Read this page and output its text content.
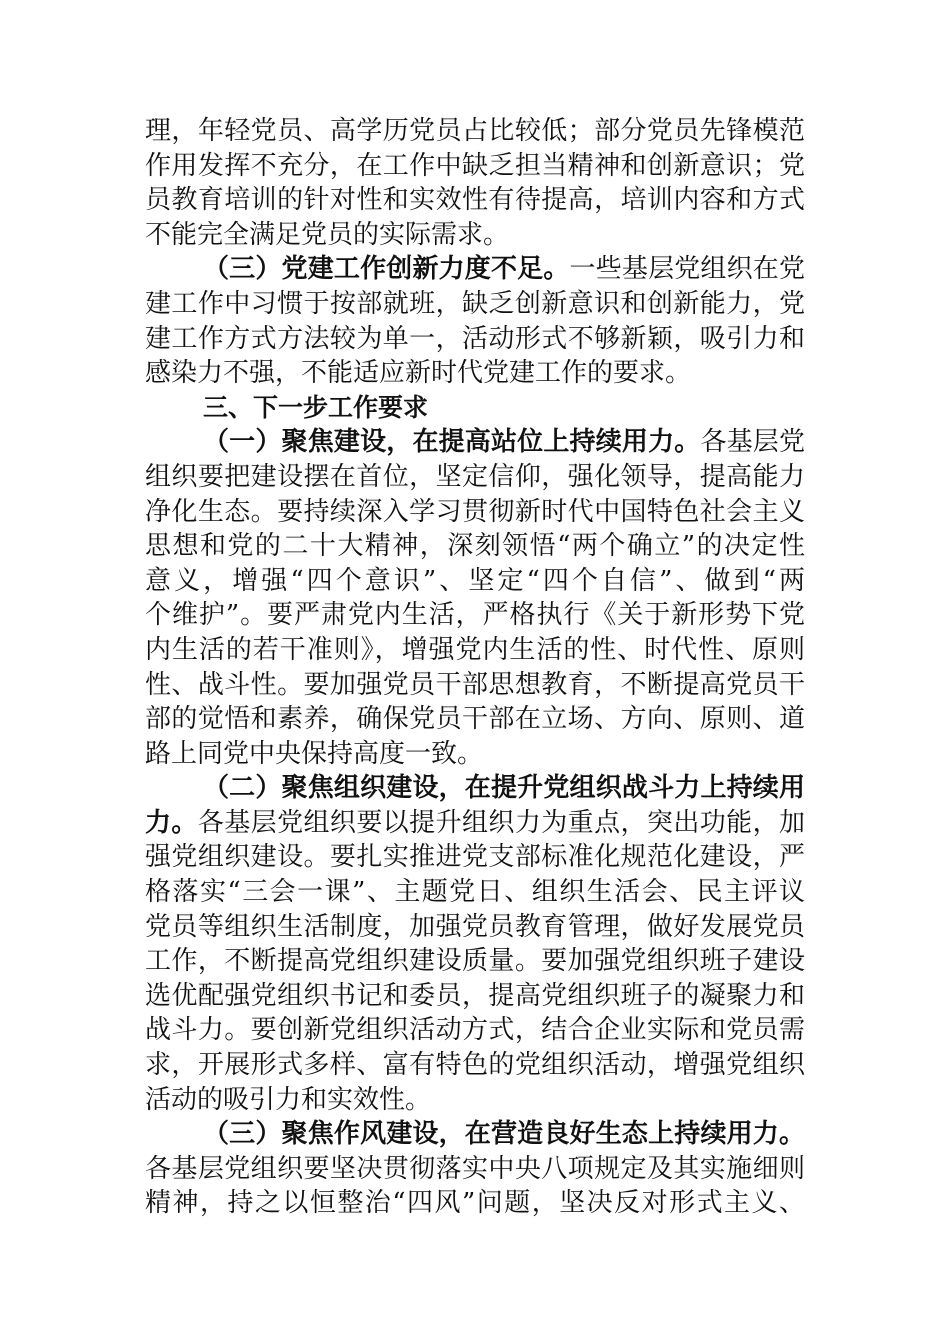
理，年轻党员、高学历党员占比较低；部分党员先锋模范
作用发挥不充分，在工作中缺乏担当精神和创新意识；党
员教育培训的针对性和实效性有待提高，培训内容和方式
不能完全满足党员的实际需求。
（三）党建工作创新力度不足。一些基层党组织在党
建工作中习惯于按部就班，缺乏创新意识和创新能力，党
建工作方式方法较为单一，活动形式不够新颖，吸引力和
感染力不强，不能适应新时代党建工作的要求。
三、下一步工作要求
（一）聚焦建设，在提高站位上持续用力。各基层党
组织要把建设摆在首位，坚定信仰，强化领导，提高能力
净化生态。要持续深入学习贯彻新时代中国特色社会主义
思想和党的二十大精神，深刻领悟“两个确立”的决定性
意义，增强“四个意识”、坚定“四个自信”、做到“两
个维护”。要严肃党内生活，严格执行《关于新形势下党
内生活的若干准则》，增强党内生活的性、时代性、原则
性、战斗性。要加强党员干部思想教育，不断提高党员干
部的觉悟和素养，确保党员干部在立场、方向、原则、道
路上同党中央保持高度一致。
（二）聚焦组织建设，在提升党组织战斗力上持续用
力。各基层党组织要以提升组织力为重点，突出功能，加
强党组织建设。要扎实推进党支部标准化规范化建设，严
格落实“三会一课”、主题党日、组织生活会、民主评议
党员等组织生活制度，加强党员教育管理，做好发展党员
工作，不断提高党组织建设质量。要加强党组织班子建设
选优配强党组织书记和委员，提高党组织班子的凝聚力和
战斗力。要创新党组织活动方式，结合企业实际和党员需
求，开展形式多样、富有特色的党组织活动，增强党组织
活动的吸引力和实效性。
（三）聚焦作风建设，在营造良好生态上持续用力。
各基层党组织要坚决贯彻落实中央八项规定及其实施细则
精神，持之以恒整治“四风”问题，坚决反对形式主义、
